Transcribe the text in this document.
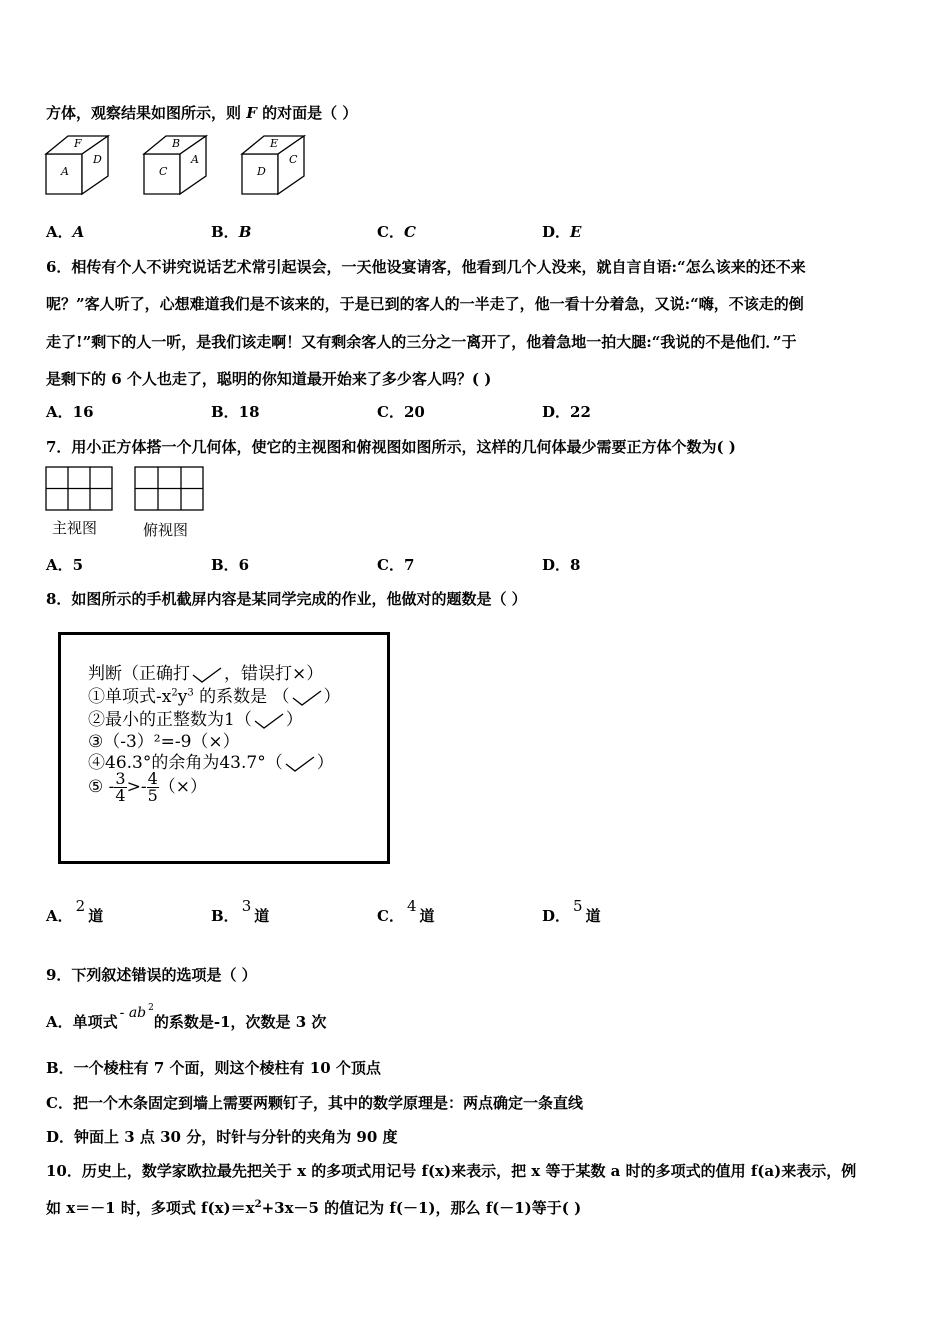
方体，观察结果如图所示，则 F 的对面是（ ）
F
A
D
B
C
A
E
D
C
A．A	B．B	C．C	D．E
6．相传有个人不讲究说话艺术常引起误会，一天他设宴请客，他看到几个人没来，就自言自语:“怎么该来的还不来
呢？”客人听了，心想难道我们是不该来的，于是已到的客人的一半走了，他一看十分着急，又说:“嗨，不该走的倒
走了!”剩下的人一听，是我们该走啊！又有剩余客人的三分之一离开了，他着急地一拍大腿:“我说的不是他们．”于
是剩下的 6 个人也走了，聪明的你知道最开始来了多少客人吗？( )
A．16	B．18	C．20	D．22
7．用小正方体搭一个几何体，使它的主视图和俯视图如图所示，这样的几何体最少需要正方体个数为( )
主视图	俯视图
A．5	B．6	C．7	D．8
8．如图所示的手机截屏内容是某同学完成的作业，他做对的题数是（ ）
判断（正确打 ，错误打×）
①单项式$-x^2y^3$ 的系数是 （ ）
②最小的正整数为1（ ）
③（-3）²=-9（×）
④46.3°的余角为43.7°（ ）
⑤ - $\frac{3}{4} >- \frac{4}{5}$ （×）
A．2道	B．3道	C．4道	D．5道
9．下列叙述错误的选项是（ ）
A．单项式 - ab $^2$的系数是-1，次数是 3 次
B．一个棱柱有 7 个面，则这个棱柱有 10 个顶点
C．把一个木条固定到墙上需要两颗钉子，其中的数学原理是：两点确定一条直线
D．钟面上 3 点 30 分，时针与分针的夹角为 90 度
10．历史上，数学家欧拉最先把关于 x 的多项式用记号 f(x)来表示，把 x 等于某数 a 时的多项式的值用 f(a)来表示，例
如 x＝－1 时，多项式 $f(x)=x^2+3x-5$ 的值记为 f(－1)，那么 f(－1)等于( )
